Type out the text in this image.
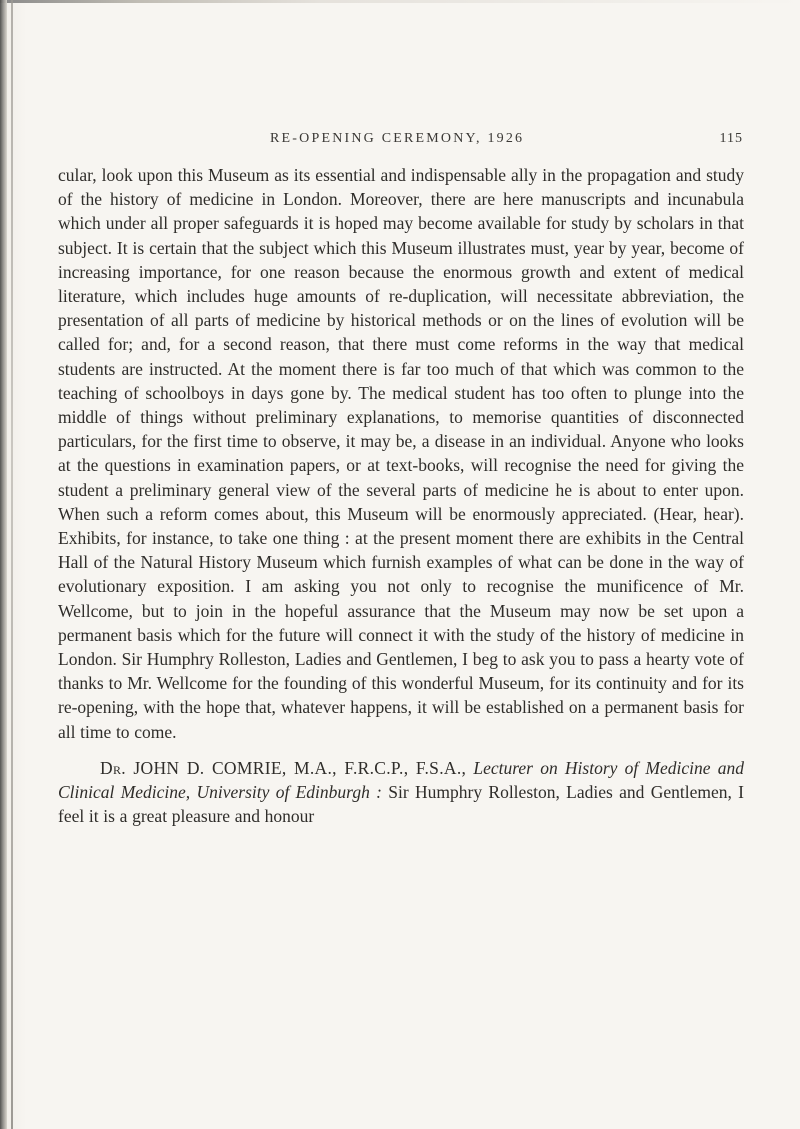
RE-OPENING CEREMONY, 1926	115

cular, look upon this Museum as its essential and indispensable ally in the propagation and study of the history of medicine in London. Moreover, there are here manuscripts and incunabula which under all proper safeguards it is hoped may become available for study by scholars in that subject. It is certain that the subject which this Museum illustrates must, year by year, become of increasing importance, for one reason because the enormous growth and extent of medical literature, which includes huge amounts of re-duplication, will necessitate abbreviation, the presentation of all parts of medicine by historical methods or on the lines of evolution will be called for; and, for a second reason, that there must come reforms in the way that medical students are instructed. At the moment there is far too much of that which was common to the teaching of schoolboys in days gone by. The medical student has too often to plunge into the middle of things without preliminary explanations, to memorise quantities of disconnected particulars, for the first time to observe, it may be, a disease in an individual. Anyone who looks at the questions in examination papers, or at text-books, will recognise the need for giving the student a preliminary general view of the several parts of medicine he is about to enter upon. When such a reform comes about, this Museum will be enormously appreciated. (Hear, hear). Exhibits, for instance, to take one thing : at the present moment there are exhibits in the Central Hall of the Natural History Museum which furnish examples of what can be done in the way of evolutionary exposition. I am asking you not only to recognise the munificence of Mr. Wellcome, but to join in the hopeful assurance that the Museum may now be set upon a permanent basis which for the future will connect it with the study of the history of medicine in London. Sir Humphry Rolleston, Ladies and Gentlemen, I beg to ask you to pass a hearty vote of thanks to Mr. Wellcome for the founding of this wonderful Museum, for its continuity and for its re-opening, with the hope that, whatever happens, it will be established on a permanent basis for all time to come.

Dr. JOHN D. COMRIE, M.A., F.R.C.P., F.S.A., Lecturer on History of Medicine and Clinical Medicine, University of Edinburgh : Sir Humphry Rolleston, Ladies and Gentlemen, I feel it is a great pleasure and honour
